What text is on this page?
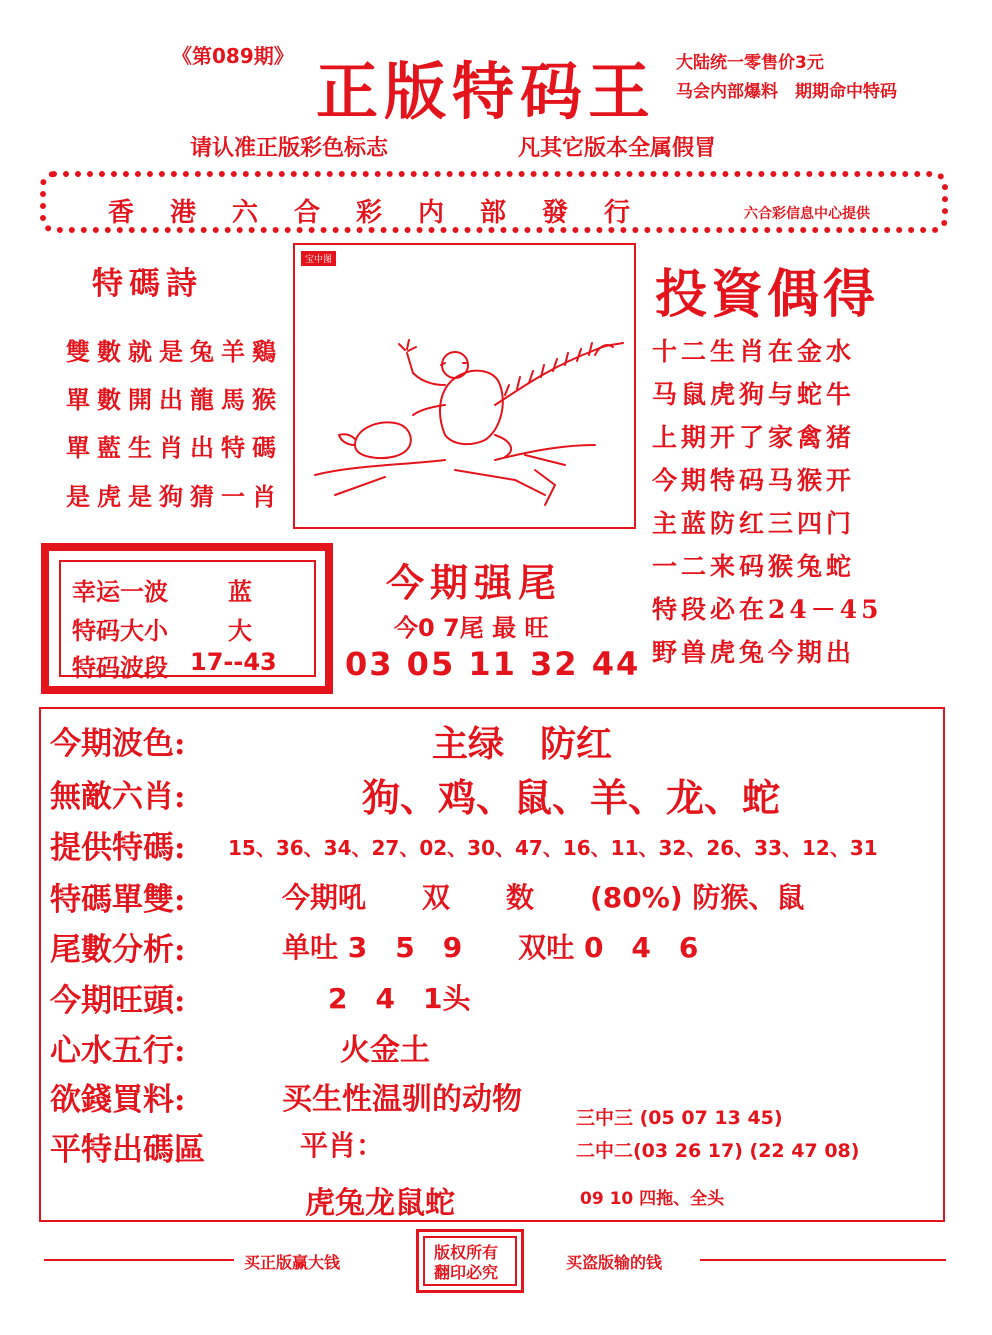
《第089期》 正版特码王 大陆统一零售价3元
马会内部爆料　期期命中特码
请认准正版彩色标志	凡其它版本全属假冒
香港六合彩内部發行	六合彩信息中心提供
特碼詩
雙數就是兔羊鷄
單數開出龍馬猴
單藍生肖出特碼
是虎是狗猜一肖
宝中图
投資偶得
十二生肖在金水
马鼠虎狗与蛇牛
上期开了家禽猪
今期特码马猴开
主蓝防红三四门
一二来码猴兔蛇
特段必在24－45
野兽虎兔今期出
幸运一波	蓝
特码大小	大
特码波段 17--43
今期强尾
今0 7尾 最 旺
03 05 11 32 44
今期波色:	主绿　防红
無敵六肖:	狗、鸡、鼠、羊、龙、蛇
提供特碼: 15、36、34、27、02、30、47、16、11、32、26、33、12、31
特碼單雙:	今期吼　　双　　数　　(80%) 防猴、鼠
尾數分析:	单吐 3　5　9　　双吐 0　4　6
今期旺頭:	2　4　1头
心水五行:	火金土
欲錢買料:	买生性温驯的动物
平特出碼區	平肖：
虎兔龙鼠蛇
三中三 (05 07 13 45)
二中二(03 26 17) (22 47 08)
09 10 四拖、全头
买正版赢大钱
版权所有
翻印必究
买盗版输的钱
